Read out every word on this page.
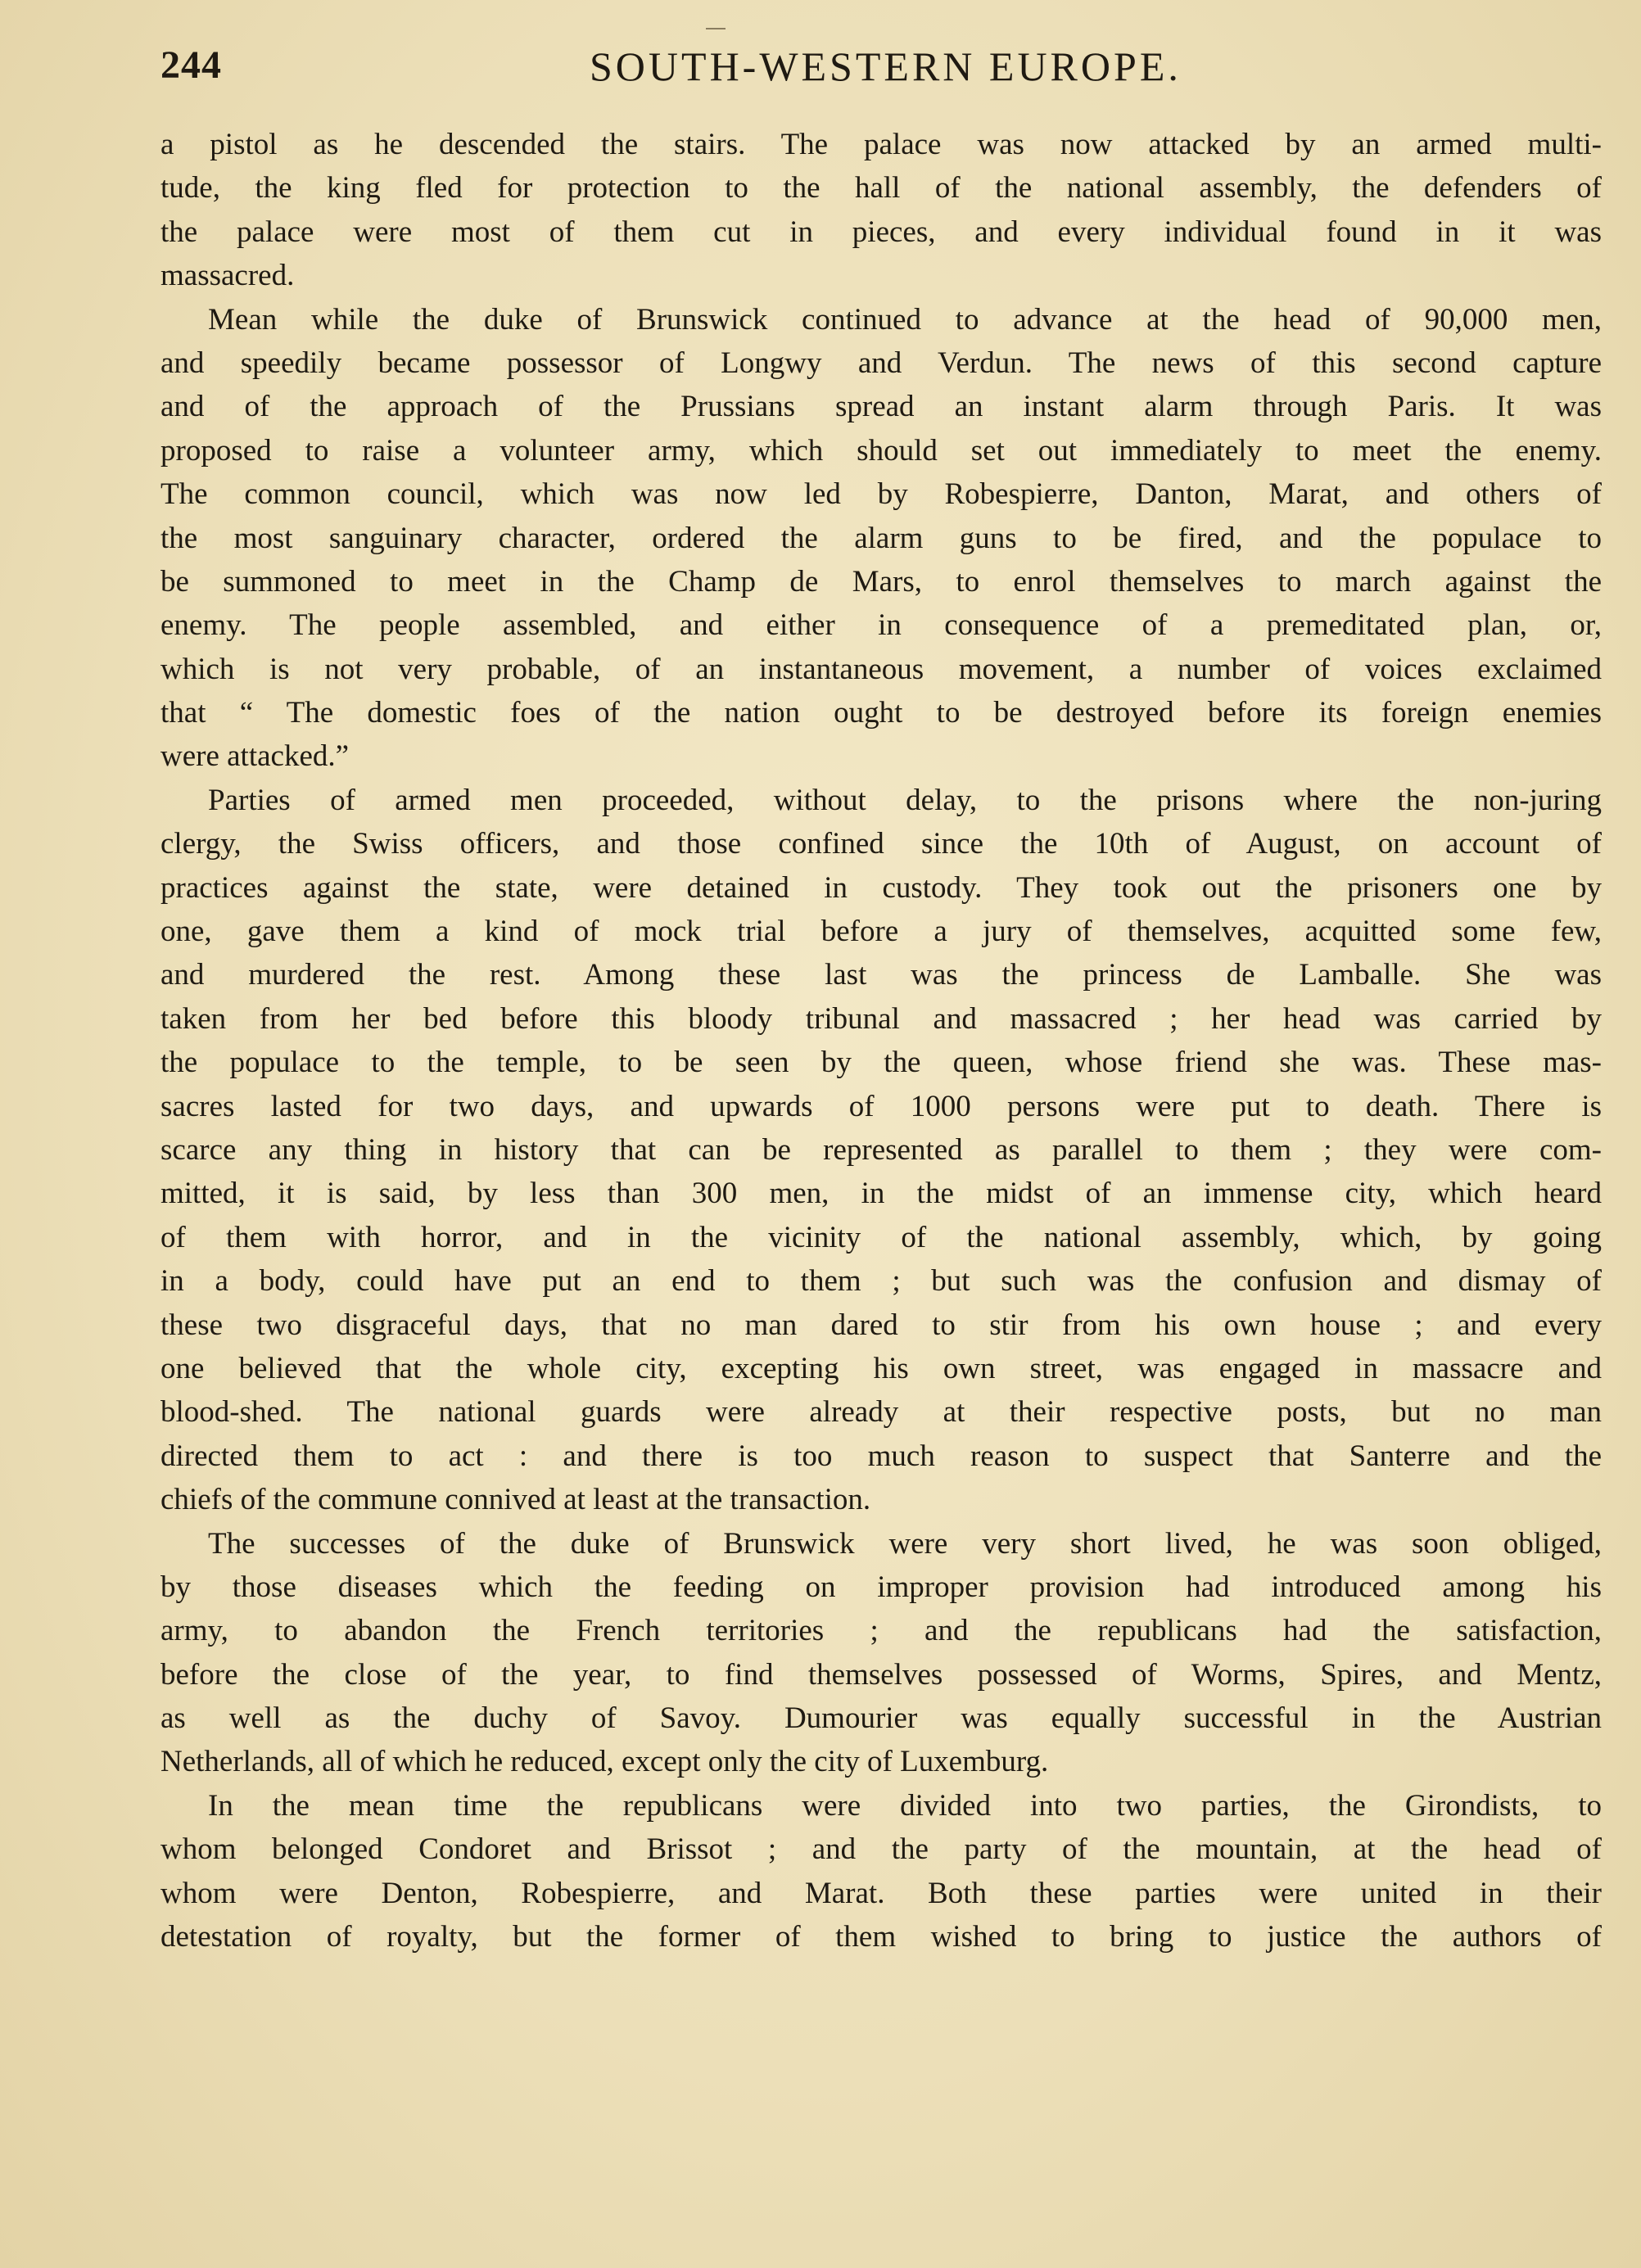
244	SOUTH-WESTERN EUROPE.
a pistol as he descended the stairs. The palace was now attacked by an armed multi-
tude, the king fled for protection to the hall of the national assembly, the defenders of
the palace were most of them cut in pieces, and every individual found in it was
massacred.
Mean while the duke of Brunswick continued to advance at the head of 90,000 men,
and speedily became possessor of Longwy and Verdun. The news of this second capture
and of the approach of the Prussians spread an instant alarm through Paris. It was
proposed to raise a volunteer army, which should set out immediately to meet the enemy.
The common council, which was now led by Robespierre, Danton, Marat, and others of
the most sanguinary character, ordered the alarm guns to be fired, and the populace to
be summoned to meet in the Champ de Mars, to enrol themselves to march against the
enemy. The people assembled, and either in consequence of a premeditated plan, or,
which is not very probable, of an instantaneous movement, a number of voices exclaimed
that “ The domestic foes of the nation ought to be destroyed before its foreign enemies
were attacked.”
Parties of armed men proceeded, without delay, to the prisons where the non-juring
clergy, the Swiss officers, and those confined since the 10th of August, on account of
practices against the state, were detained in custody. They took out the prisoners one by
one, gave them a kind of mock trial before a jury of themselves, acquitted some few,
and murdered the rest. Among these last was the princess de Lamballe. She was
taken from her bed before this bloody tribunal and massacred ; her head was carried by
the populace to the temple, to be seen by the queen, whose friend she was. These mas-
sacres lasted for two days, and upwards of 1000 persons were put to death. There is
scarce any thing in history that can be represented as parallel to them ; they were com-
mitted, it is said, by less than 300 men, in the midst of an immense city, which heard
of them with horror, and in the vicinity of the national assembly, which, by going
in a body, could have put an end to them ; but such was the confusion and dismay of
these two disgraceful days, that no man dared to stir from his own house ; and every
one believed that the whole city, excepting his own street, was engaged in massacre and
blood-shed. The national guards were already at their respective posts, but no man
directed them to act : and there is too much reason to suspect that Santerre and the
chiefs of the commune connived at least at the transaction.
The successes of the duke of Brunswick were very short lived, he was soon obliged,
by those diseases which the feeding on improper provision had introduced among his
army, to abandon the French territories ; and the republicans had the satisfaction,
before the close of the year, to find themselves possessed of Worms, Spires, and Mentz,
as well as the duchy of Savoy. Dumourier was equally successful in the Austrian
Netherlands, all of which he reduced, except only the city of Luxemburg.
In the mean time the republicans were divided into two parties, the Girondists, to
whom belonged Condoret and Brissot ; and the party of the mountain, at the head of
whom were Denton, Robespierre, and Marat. Both these parties were united in their
detestation of royalty, but the former of them wished to bring to justice the authors of
